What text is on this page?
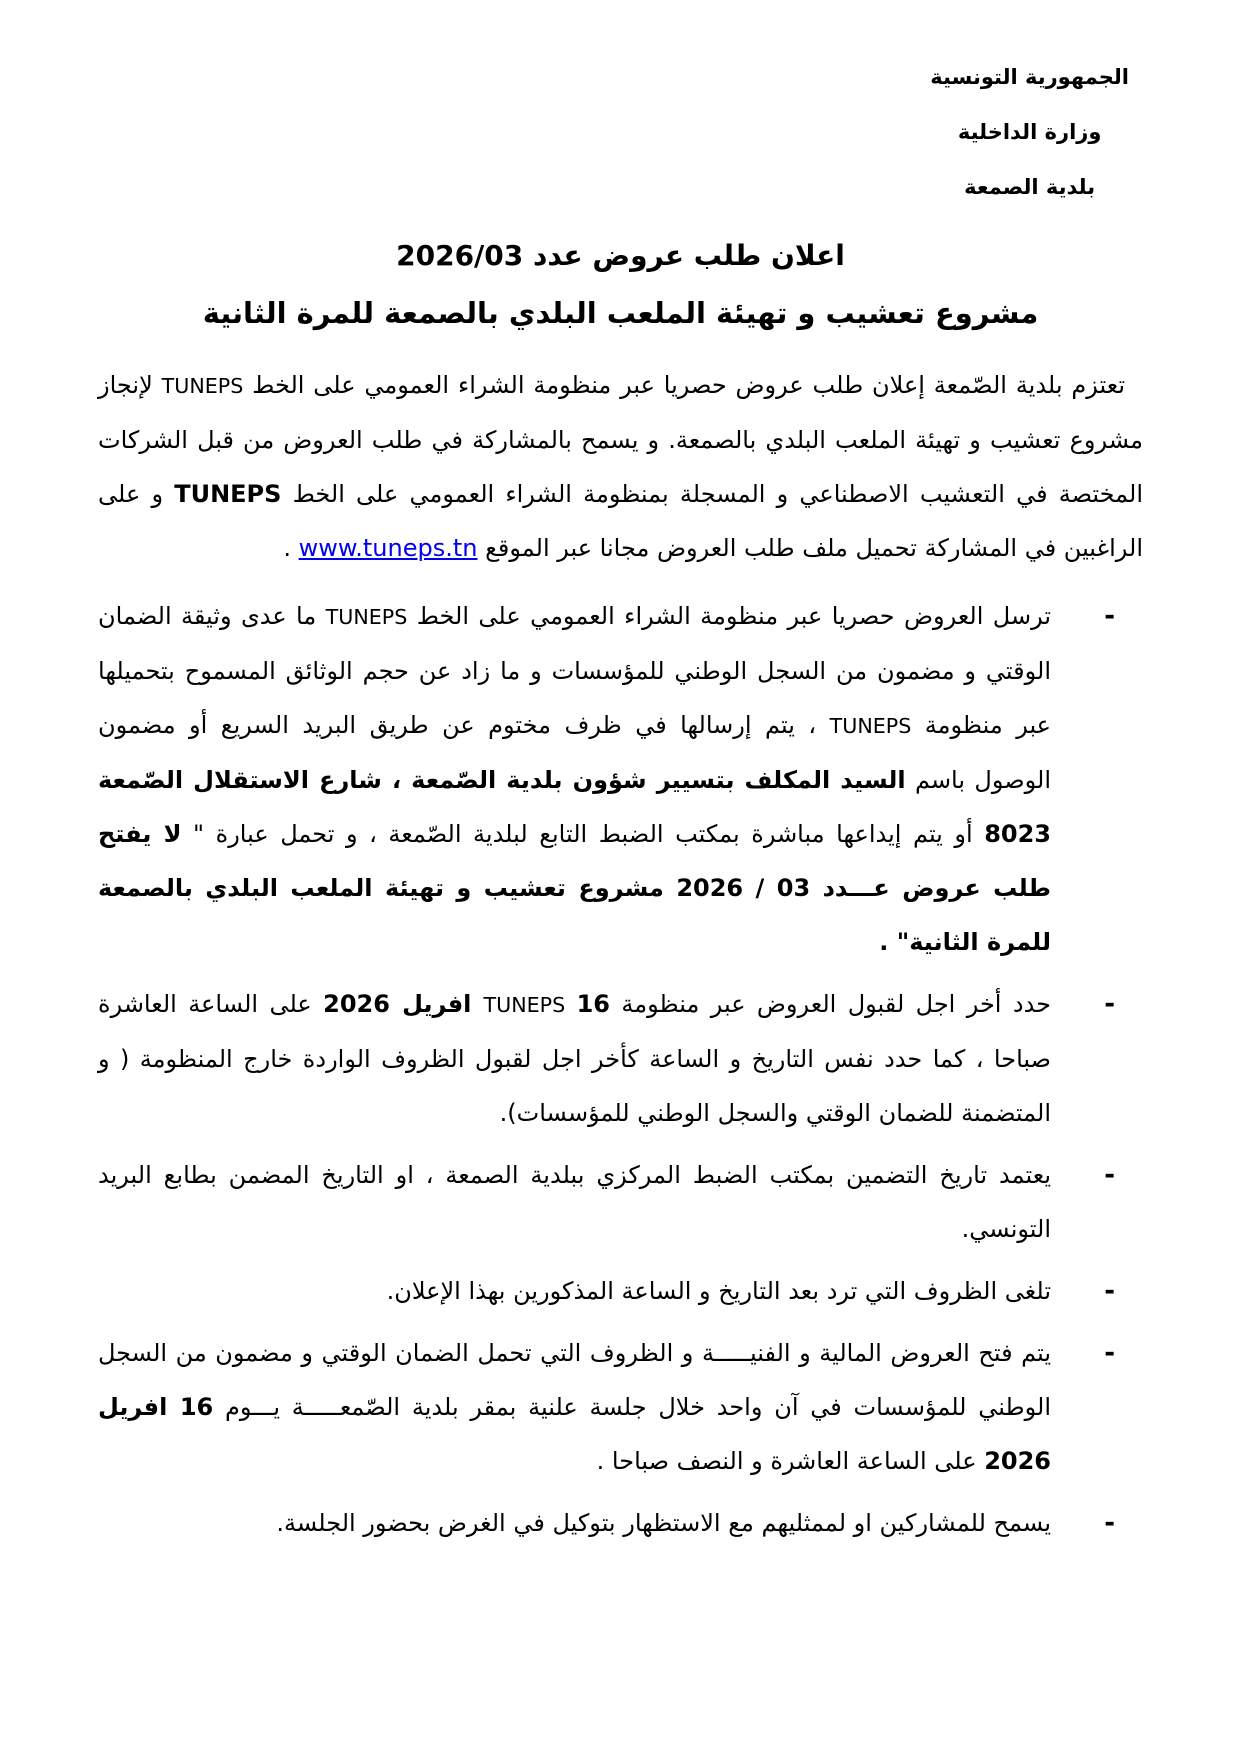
الجمهورية التونسية
وزارة الداخلية
بلدية الصمعة
اعلان طلب عروض عدد 2026/03
مشروع تعشيب و تهيئة الملعب البلدي بالصمعة للمرة الثانية
تعتزم بلدية الصّمعة إعلان طلب عروض حصريا عبر منظومة الشراء العمومي على الخط TUNEPS لإنجاز مشروع تعشيب و تهيئة الملعب البلدي بالصمعة. و يسمح بالمشاركة في طلب العروض من قبل الشركات المختصة في التعشيب الاصطناعي و المسجلة بمنظومة الشراء العمومي على الخط TUNEPS و على الراغبين في المشاركة تحميل ملف طلب العروض مجانا عبر الموقع www.tuneps.tn .
-
ترسل العروض حصريا عبر منظومة الشراء العمومي على الخط TUNEPS ما عدى وثيقة الضمان الوقتي و مضمون من السجل الوطني للمؤسسات و ما زاد عن حجم الوثائق المسموح بتحميلها عبر منظومة TUNEPS ، يتم إرسالها في ظرف مختوم عن طريق البريد السريع أو مضمون الوصول باسم السيد المكلف بتسيير شؤون بلدية الصّمعة ، شارع الاستقلال الصّمعة 8023 أو يتم إيداعها مباشرة بمكتب الضبط التابع لبلدية الصّمعة ، و تحمل عبارة " لا يفتح طلب عروض عـــدد 03 / 2026 مشروع تعشيب و تهيئة الملعب البلدي بالصمعة للمرة الثانية" .
-
حدد أخر اجل لقبول العروض عبر منظومة TUNEPS 16 افريل 2026 على الساعة العاشرة صباحا ، كما حدد نفس التاريخ و الساعة كأخر اجل لقبول الظروف الواردة خارج المنظومة ( و المتضمنة للضمان الوقتي والسجل الوطني للمؤسسات).
-
يعتمد تاريخ التضمين بمكتب الضبط المركزي ببلدية الصمعة ، او التاريخ المضمن بطابع البريد التونسي.
-
تلغى الظروف التي ترد بعد التاريخ و الساعة المذكورين بهذا الإعلان.
-
يتم فتح العروض المالية و الفنيـــــة و الظروف التي تحمل الضمان الوقتي و مضمون من السجل الوطني للمؤسسات في آن واحد خلال جلسة علنية بمقر بلدية الصّمعـــــة يـــوم 16 افريل 2026 على الساعة العاشرة و النصف صباحا .
-
يسمح للمشاركين او لممثليهم مع الاستظهار بتوكيل في الغرض بحضور الجلسة.
